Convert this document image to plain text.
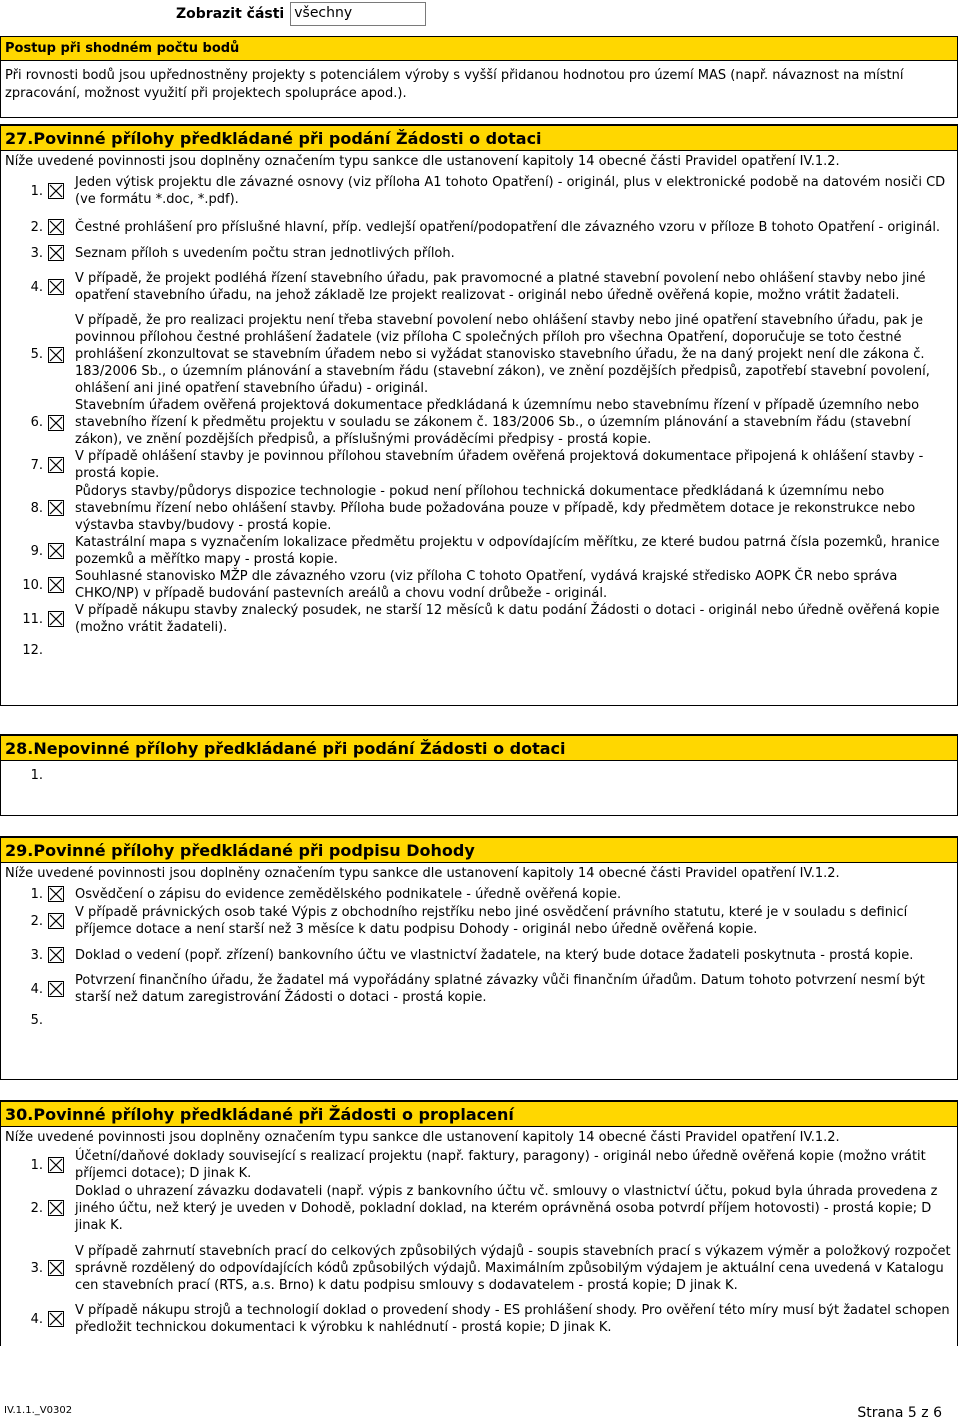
Zobrazit části všechny
Postup při shodném počtu bodů
Při rovnosti bodů jsou upřednostněny projekty s potenciálem výroby s vyšší přidanou hodnotou pro území MAS (např. návaznost na místní zpracování, možnost využití při projektech spolupráce apod.).
27.Povinné přílohy předkládané při podání Žádosti o dotaci
Níže uvedené povinnosti jsou doplněny označením typu sankce dle ustanovení kapitoly 14 obecné části Pravidel opatření IV.1.2.
1.
Jeden výtisk projektu dle závazné osnovy (viz příloha A1 tohoto Opatření) - originál, plus v elektronické podobě na datovém nosiči CD (ve formátu *.doc, *.pdf).
2.	Čestné prohlášení pro příslušné hlavní, příp. vedlejší opatření/podopatření dle závazného vzoru v příloze B tohoto Opatření - originál.
3.	Seznam příloh s uvedením počtu stran jednotlivých příloh.
4.
V případě, že projekt podléhá řízení stavebního úřadu, pak pravomocné a platné stavební povolení nebo ohlášení stavby nebo jiné opatření stavebního úřadu, na jehož základě lze projekt realizovat - originál nebo úředně ověřená kopie, možno vrátit žadateli.
5.
V případě, že pro realizaci projektu není třeba stavební povolení nebo ohlášení stavby nebo jiné opatření stavebního úřadu, pak je povinnou přílohou čestné prohlášení žadatele (viz příloha C společných příloh pro všechna Opatření, doporučuje se toto čestné prohlášení zkonzultovat se stavebním úřadem nebo si vyžádat stanovisko stavebního úřadu, že na daný projekt není dle zákona č. 183/2006 Sb., o územním plánování a stavebním řádu (stavební zákon), ve znění pozdějších předpisů, zapotřebí stavební povolení, ohlášení ani jiné opatření stavebního úřadu) - originál.
6.
Stavebním úřadem ověřená projektová dokumentace předkládaná k územnímu nebo stavebnímu řízení v případě územního nebo stavebního řízení k předmětu projektu v souladu se zákonem č. 183/2006 Sb., o územním plánování a stavebním řádu (stavební zákon), ve znění pozdějších předpisů, a příslušnými prováděcími předpisy - prostá kopie.
7.
V případě ohlášení stavby je povinnou přílohou stavebním úřadem ověřená projektová dokumentace připojená k ohlášení stavby - prostá kopie.
8.
Půdorys stavby/půdorys dispozice technologie - pokud není přílohou technická dokumentace předkládaná k územnímu nebo stavebnímu řízení nebo ohlášení stavby. Příloha bude požadována pouze v případě, kdy předmětem dotace je rekonstrukce nebo výstavba stavby/budovy - prostá kopie.
9.
Katastrální mapa s vyznačením lokalizace předmětu projektu v odpovídajícím měřítku, ze které budou patrná čísla pozemků, hranice pozemků a měřítko mapy - prostá kopie.
10.
Souhlasné stanovisko MŽP dle závazného vzoru (viz příloha C tohoto Opatření, vydává krajské středisko AOPK ČR nebo správa CHKO/NP) v případě budování pastevních areálů a chovu vodní drůbeže - originál.
11.
V případě nákupu stavby znalecký posudek, ne starší 12 měsíců k datu podání Žádosti o dotaci - originál nebo úředně ověřená kopie (možno vrátit žadateli).
12.
28.Nepovinné přílohy předkládané při podání Žádosti o dotaci
1.
29.Povinné přílohy předkládané při podpisu Dohody
Níže uvedené povinnosti jsou doplněny označením typu sankce dle ustanovení kapitoly 14 obecné části Pravidel opatření IV.1.2.
1.	Osvědčení o zápisu do evidence zemědělského podnikatele - úředně ověřená kopie.
2.
V případě právnických osob také Výpis z obchodního rejstříku nebo jiné osvědčení právního statutu, které je v souladu s definicí příjemce dotace a není starší než 3 měsíce k datu podpisu Dohody - originál nebo úředně ověřená kopie.
3.	Doklad o vedení (popř. zřízení) bankovního účtu ve vlastnictví žadatele, na který bude dotace žadateli poskytnuta - prostá kopie.
4.
Potvrzení finančního úřadu, že žadatel má vypořádány splatné závazky vůči finančním úřadům. Datum tohoto potvrzení nesmí být starší než datum zaregistrování Žádosti o dotaci - prostá kopie.
5.
30.Povinné přílohy předkládané při Žádosti o proplacení
Níže uvedené povinnosti jsou doplněny označením typu sankce dle ustanovení kapitoly 14 obecné části Pravidel opatření IV.1.2.
1.
Účetní/daňové doklady související s realizací projektu (např. faktury, paragony) - originál nebo úředně ověřená kopie (možno vrátit příjemci dotace); D jinak K.
2.
Doklad o uhrazení závazku dodavateli (např. výpis z bankovního účtu vč. smlouvy o vlastnictví účtu, pokud byla úhrada provedena z jiného účtu, než který je uveden v Dohodě, pokladní doklad, na kterém oprávněná osoba potvrdí příjem hotovosti) - prostá kopie; D jinak K.
3.
V případě zahrnutí stavebních prací do celkových způsobilých výdajů - soupis stavebních prací s výkazem výměr a položkový rozpočet správně rozdělený do odpovídajících kódů způsobilých výdajů. Maximálním způsobilým výdajem je aktuální cena uvedená v Katalogu cen stavebních prací (RTS, a.s. Brno) k datu podpisu smlouvy s dodavatelem - prostá kopie; D jinak K.
4.
V případě nákupu strojů a technologií doklad o provedení shody - ES prohlášení shody. Pro ověření této míry musí být žadatel schopen předložit technickou dokumentaci k výrobku k nahlédnutí - prostá kopie; D jinak K.
IV.1.1._V0302	Strana 5 z 6
